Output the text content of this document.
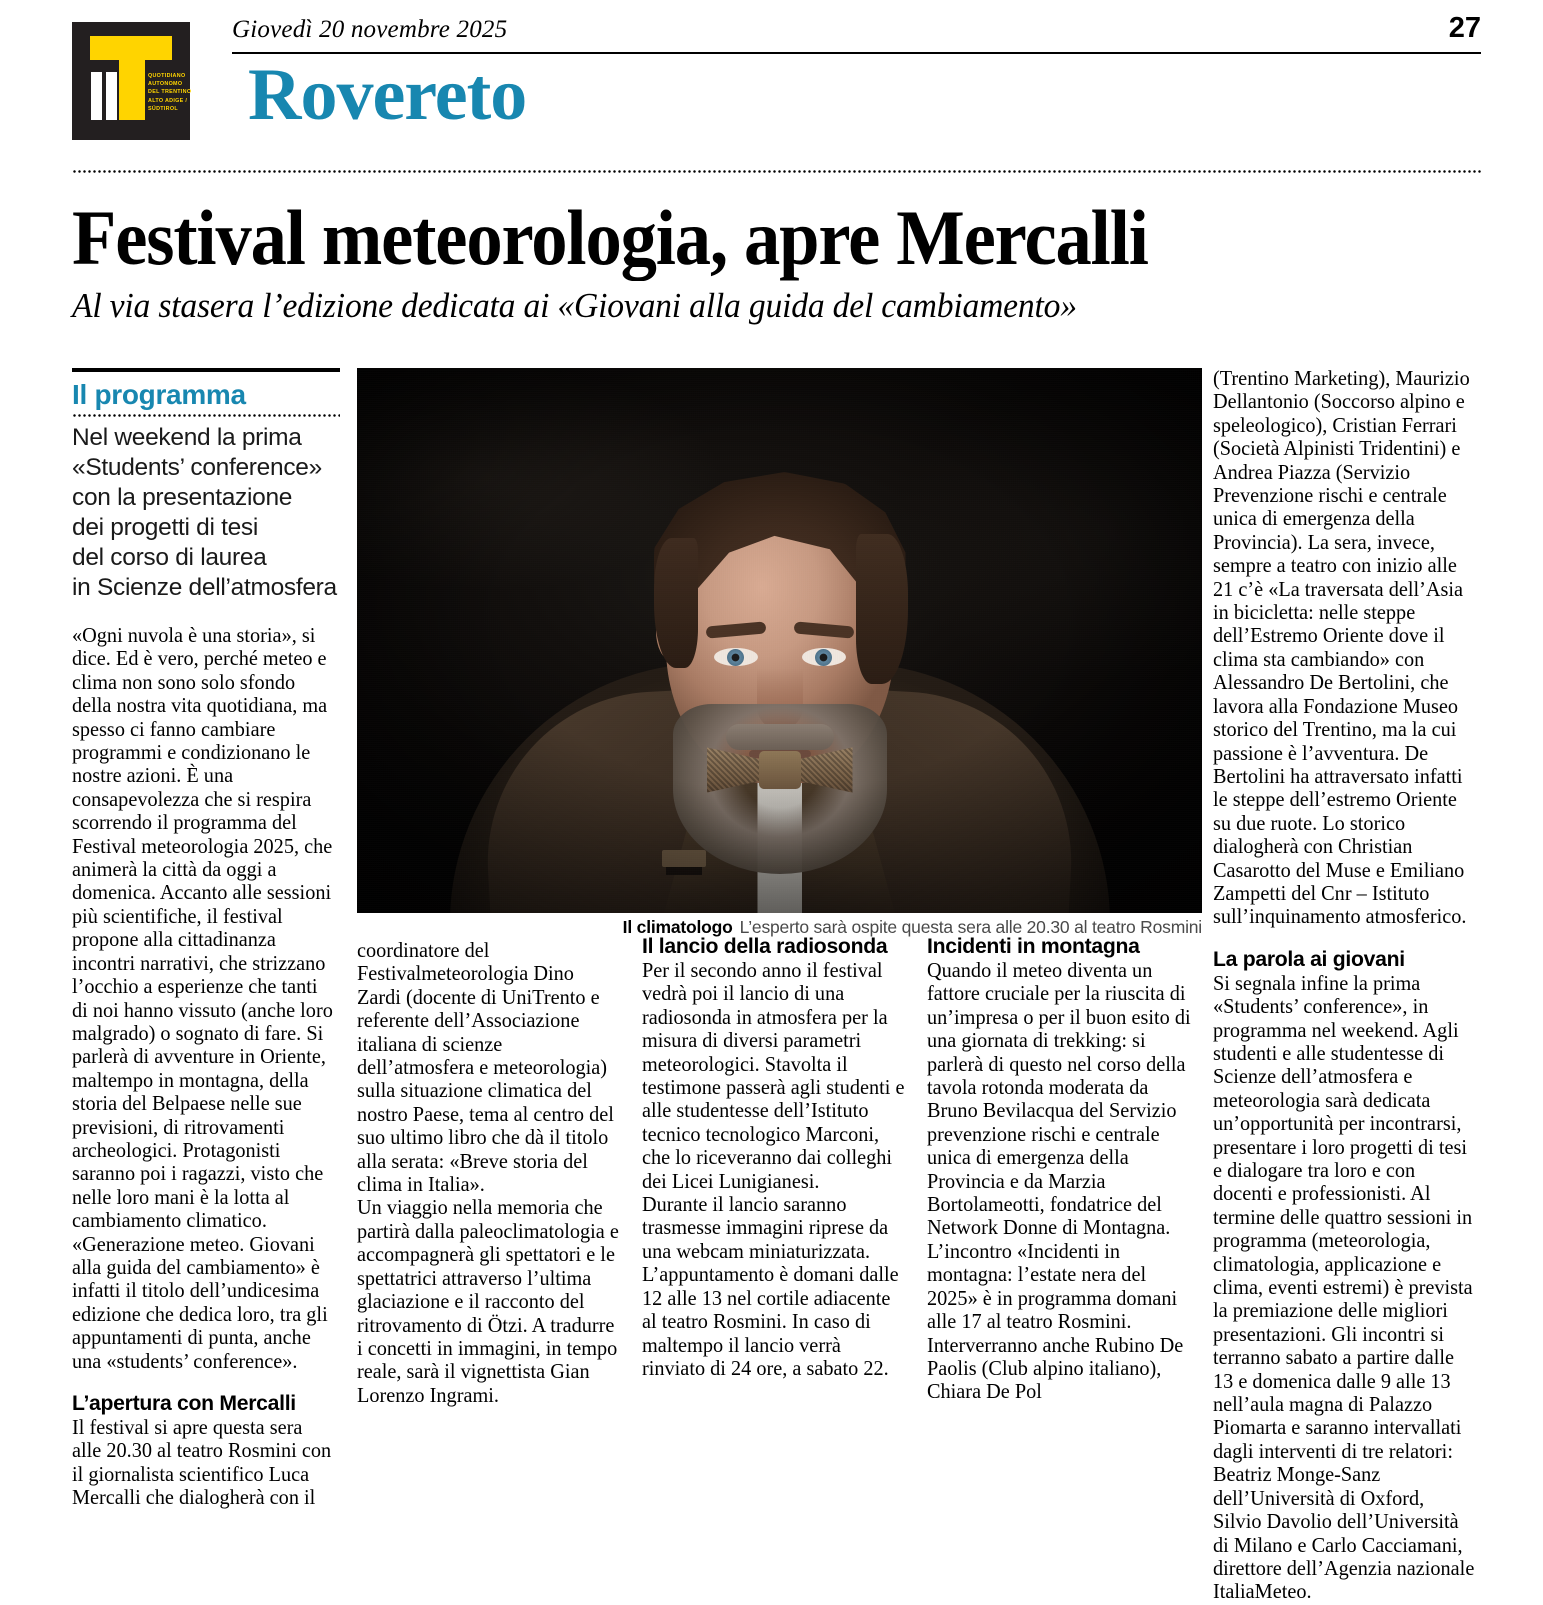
QUOTIDIANO
AUTONOMO
DEL TRENTINO
ALTO ADIGE /
SÜDTIROL
Giovedì 20 novembre 2025	27
Rovereto
Festival meteorologia, apre Mercalli
Al via stasera l’edizione dedicata ai «Giovani alla guida del cambiamento»
Il climatologo L’esperto sarà ospite questa sera alle 20.30 al teatro Rosmini
Il programma
Nel weekend la prima
«Students’ conference»
con la presentazione
dei progetti di tesi
del corso di laurea
in Scienze dell’atmosfera

«Ogni nuvola è una storia», si dice. Ed è vero, perché meteo e clima non sono solo sfondo della nostra vita quotidiana, ma spesso ci fanno cambiare programmi e condizionano le nostre azioni. È una consapevolezza che si respira scorrendo il programma del Festival meteorologia 2025, che animerà la città da oggi a domenica. Accanto alle sessioni più scientifiche, il festival propone alla cittadinanza incontri narrativi, che strizzano l’occhio a esperienze che tanti di noi hanno vissuto (anche loro malgrado) o sognato di fare. Si parlerà di avventure in Oriente, maltempo in montagna, della storia del Belpaese nelle sue previsioni, di ritrovamenti archeologici. Protagonisti saranno poi i ragazzi, visto che nelle loro mani è la lotta al cambiamento climatico. «Generazione meteo. Giovani alla guida del cambiamento» è infatti il titolo dell’undicesima edizione che dedica loro, tra gli appuntamenti di punta, anche una «students’ conference».

L’apertura con Mercalli

Il festival si apre questa sera alle 20.30 al teatro Rosmini con il giornalista scientifico Luca Mercalli che dialogherà con il

coordinatore del Festivalmeteorologia Dino Zardi (docente di UniTrento e referente dell’Associazione italiana di scienze dell’atmosfera e meteorologia) sulla situazione climatica del nostro Paese, tema al centro del suo ultimo libro che dà il titolo alla serata: «Breve storia del clima in Italia».

Un viaggio nella memoria che partirà dalla paleoclimatologia e accompagnerà gli spettatori e le spettatrici attraverso l’ultima glaciazione e il racconto del ritrovamento di Ötzi. A tradurre i concetti in immagini, in tempo reale, sarà il vignettista Gian Lorenzo Ingrami.

Il lancio della radiosonda

Per il secondo anno il festival vedrà poi il lancio di una radiosonda in atmosfera per la misura di diversi parametri meteorologici. Stavolta il testimone passerà agli studenti e alle studentesse dell’Istituto tecnico tecnologico Marconi, che lo riceveranno dai colleghi dei Licei Lunigianesi.

Durante il lancio saranno trasmesse immagini riprese da una webcam miniaturizzata. L’appuntamento è domani dalle 12 alle 13 nel cortile adiacente al teatro Rosmini. In caso di maltempo il lancio verrà rinviato di 24 ore, a sabato 22.

Incidenti in montagna

Quando il meteo diventa un fattore cruciale per la riuscita di un’impresa o per il buon esito di una giornata di trekking: si parlerà di questo nel corso della tavola rotonda moderata da Bruno Bevilacqua del Servizio prevenzione rischi e centrale unica di emergenza della Provincia e da Marzia Bortolameotti, fondatrice del Network Donne di Montagna. L’incontro «Incidenti in montagna: l’estate nera del 2025» è in programma domani alle 17 al teatro Rosmini. Interverranno anche Rubino De Paolis (Club alpino italiano), Chiara De Pol

(Trentino Marketing), Maurizio Dellantonio (Soccorso alpino e speleologico), Cristian Ferrari (Società Alpinisti Tridentini) e Andrea Piazza (Servizio Prevenzione rischi e centrale unica di emergenza della Provincia). La sera, invece, sempre a teatro con inizio alle 21 c’è «La traversata dell’Asia in bicicletta: nelle steppe dell’Estremo Oriente dove il clima sta cambiando» con Alessandro De Bertolini, che lavora alla Fondazione Museo storico del Trentino, ma la cui passione è l’avventura. De Bertolini ha attraversato infatti le steppe dell’estremo Oriente su due ruote. Lo storico dialogherà con Christian Casarotto del Muse e Emiliano Zampetti del Cnr – Istituto sull’inquinamento atmosferico.

La parola ai giovani

Si segnala infine la prima «Students’ conference», in programma nel weekend. Agli studenti e alle studentesse di Scienze dell’atmosfera e meteorologia sarà dedicata un’opportunità per incontrarsi, presentare i loro progetti di tesi e dialogare tra loro e con docenti e professionisti. Al termine delle quattro sessioni in programma (meteorologia, climatologia, applicazione e clima, eventi estremi) è prevista la premiazione delle migliori presentazioni. Gli incontri si terranno sabato a partire dalle 13 e domenica dalle 9 alle 13 nell’aula magna di Palazzo Piomarta e saranno intervallati dagli interventi di tre relatori: Beatriz Monge-Sanz dell’Università di Oxford, Silvio Davolio dell’Università di Milano e Carlo Cacciamani, direttore dell’Agenzia nazionale ItaliaMeteo.
